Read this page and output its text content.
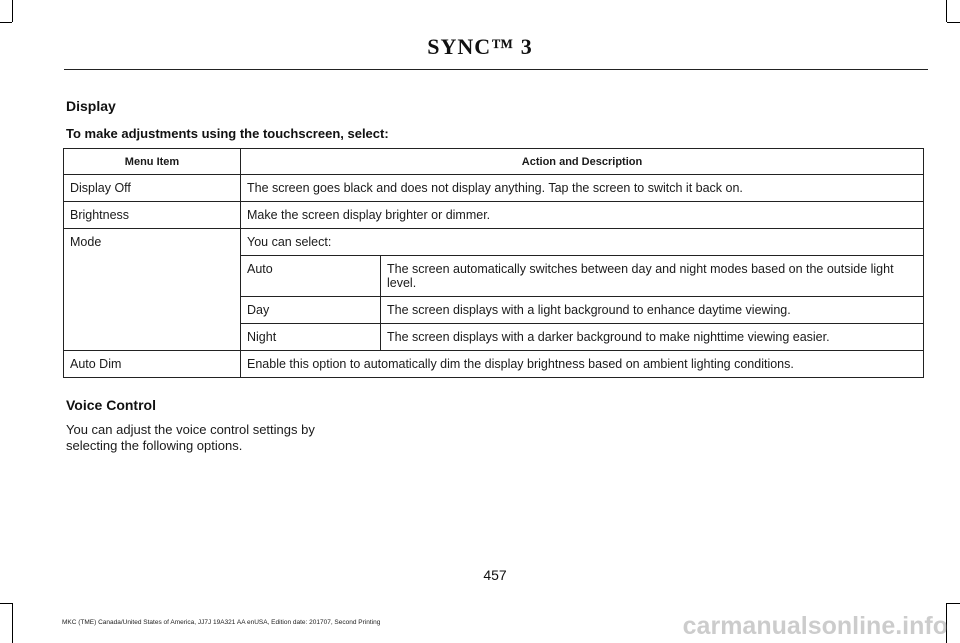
SYNC™ 3
Display
To make adjustments using the touchscreen, select:
Menu Item	Action and Description	
Display Off	The screen goes black and does not display anything. Tap the screen to switch it back on.	
Brightness	Make the screen display brighter or dimmer.	
Mode	You can select:	
	Auto	The screen automatically switches between day and night modes based on the outside light level.
	Day	The screen displays with a light background to enhance daytime viewing.
	Night	The screen displays with a darker background to make nighttime viewing easier.
Auto Dim	Enable this option to automatically dim the display brightness based on ambient lighting conditions.	
Voice Control
You can adjust the voice control settings by selecting the following options.
457
MKC (TME) Canada/United States of America, JJ7J 19A321 AA enUSA, Edition date: 201707, Second Printing	carmanualsonline.info
